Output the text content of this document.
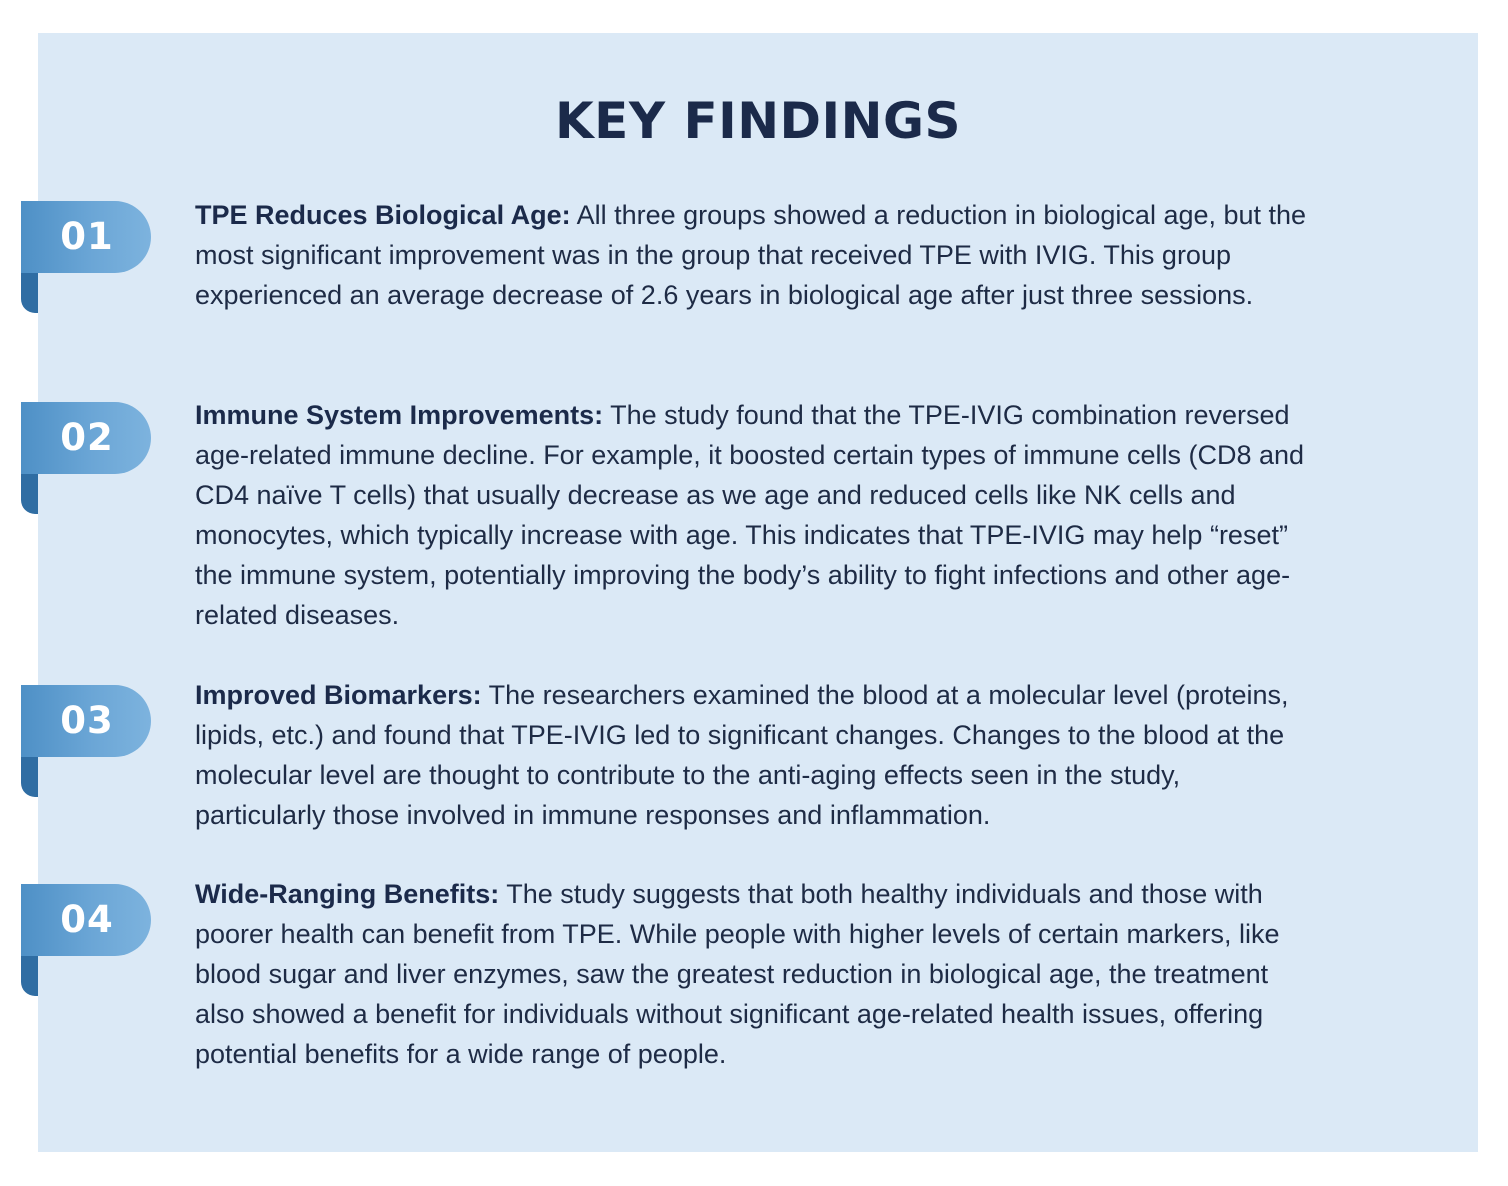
KEY FINDINGS
01	TPE Reduces Biological Age: All three groups showed a reduction in biological age, but the most significant improvement was in the group that received TPE with IVIG. This group experienced an average decrease of 2.6 years in biological age after just three sessions.

02

Immune System Improvements: The study found that the TPE-IVIG combination reversed age-related immune decline. For example, it boosted certain types of immune cells (CD8 and CD4 naïve T cells) that usually decrease as we age and reduced cells like NK cells and monocytes, which typically increase with age. This indicates that TPE-IVIG may help “reset” the immune system, potentially improving the body’s ability to fight infections and other age-related diseases.

03

Improved Biomarkers: The researchers examined the blood at a molecular level (proteins, lipids, etc.) and found that TPE-IVIG led to significant changes. Changes to the blood at the molecular level are thought to contribute to the anti-aging effects seen in the study, particularly those involved in immune responses and inflammation.

04

Wide-Ranging Benefits: The study suggests that both healthy individuals and those with poorer health can benefit from TPE. While people with higher levels of certain markers, like blood sugar and liver enzymes, saw the greatest reduction in biological age, the treatment also showed a benefit for individuals without significant age-related health issues, offering potential benefits for a wide range of people.
